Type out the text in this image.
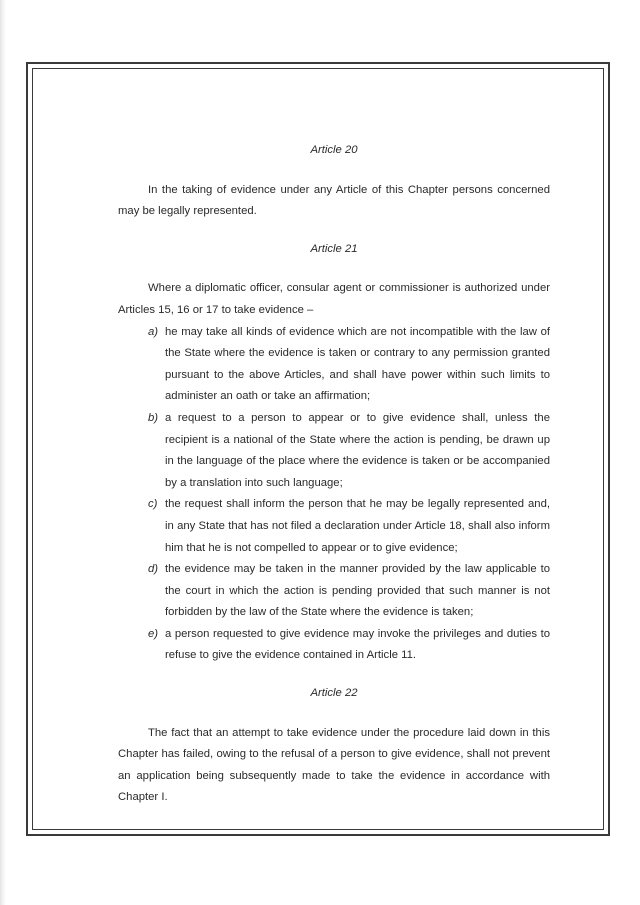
Article 20

In the taking of evidence under any Article of this Chapter persons concerned may be legally represented.

Article 21

Where a diplomatic officer, consular agent or commissioner is authorized under Articles 15, 16 or 17 to take evidence –

a) he may take all kinds of evidence which are not incompatible with the law of the State where the evidence is taken or contrary to any permission granted pursuant to the above Articles, and shall have power within such limits to administer an oath or take an affirmation;
b) a request to a person to appear or to give evidence shall, unless the recipient is a national of the State where the action is pending, be drawn up in the language of the place where the evidence is taken or be accompanied by a translation into such language;
c) the request shall inform the person that he may be legally represented and, in any State that has not filed a declaration under Article 18, shall also inform him that he is not compelled to appear or to give evidence;
d) the evidence may be taken in the manner provided by the law applicable to the court in which the action is pending provided that such manner is not forbidden by the law of the State where the evidence is taken;
e) a person requested to give evidence may invoke the privileges and duties to refuse to give the evidence contained in Article 11.

Article 22

The fact that an attempt to take evidence under the procedure laid down in this Chapter has failed, owing to the refusal of a person to give evidence, shall not prevent an application being subsequently made to take the evidence in accordance with Chapter I.
